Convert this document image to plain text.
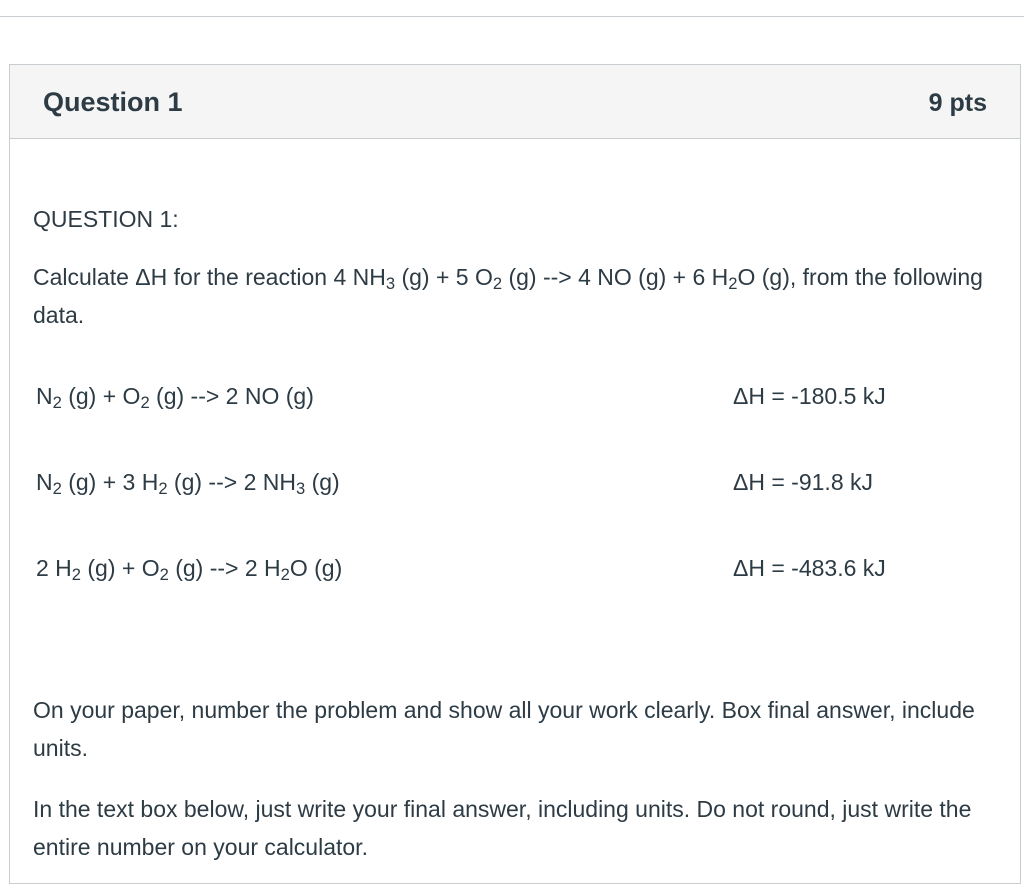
Question 1	9 pts
QUESTION 1:
Calculate ΔH for the reaction 4 $NH_3$ (g) + 5 $O_2$ (g) --> 4 NO (g) + 6 $H_2O$ (g), from the following data.
$N_2$ $(g) + O_2$ (g) --> 2 NO (g)	ΔH = -180.5 kJ
$N_2$ (g) + 3 $H_2$ (g) --> 2 $NH_3$ (g)	ΔH = -91.8 kJ
2 $H_2$ $(g) + O_2$ (g) --> 2 $H_2O$ (g)	ΔH = -483.6 kJ
On your paper, number the problem and show all your work clearly. Box final answer, include units.
In the text box below, just write your final answer, including units. Do not round, just write the entire number on your calculator.
